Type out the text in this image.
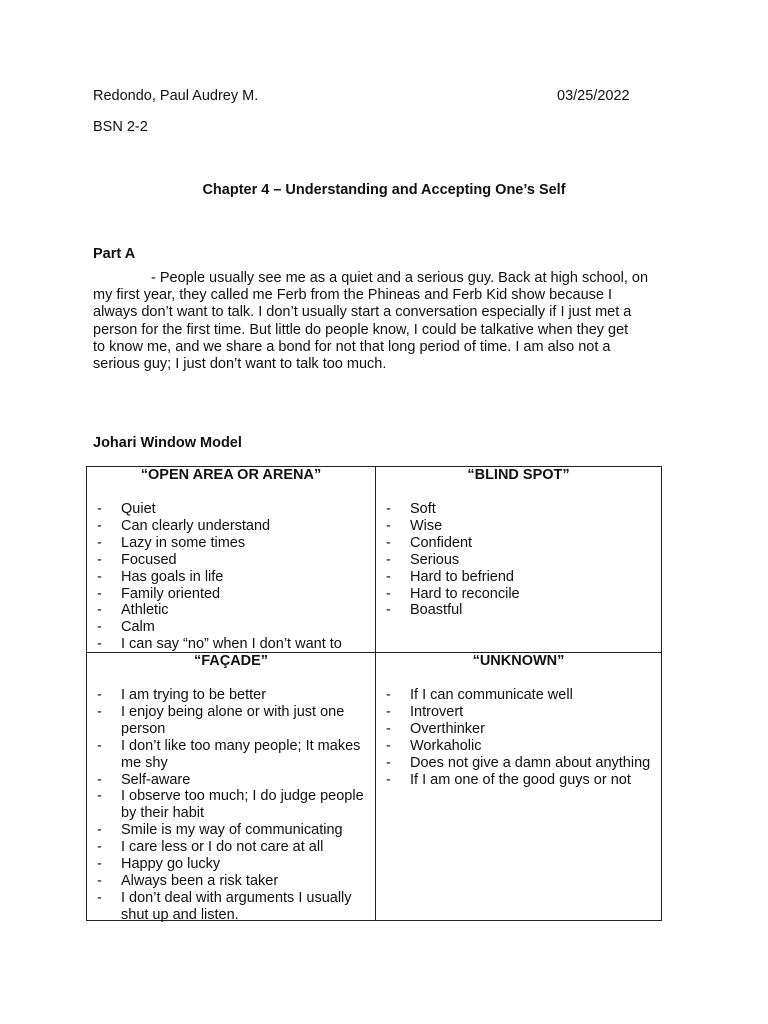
Redondo, Paul Audrey M.	03/25/2022
BSN 2-2
Chapter 4 – Understanding and Accepting One’s Self
Part A

- People usually see me as a quiet and a serious guy. Back at high school, on
my first year, they called me Ferb from the Phineas and Ferb Kid show because I
always don’t want to talk. I don’t usually start a conversation especially if I just met a
person for the first time. But little do people know, I could be talkative when they get
to know me, and we share a bond for not that long period of time. I am also not a
serious guy; I just don’t want to talk too much.

Johari Window Model
“OPEN AREA OR ARENA”
- Quiet
- Can clearly understand
- Lazy in some times
- Focused
- Has goals in life
- Family oriented
- Athletic
- Calm
- I can say “no” when I don’t want to
“BLIND SPOT”
- Soft
- Wise
- Confident
- Serious
- Hard to befriend
- Hard to reconcile
- Boastful
“FAÇADE”
- I am trying to be better
- I enjoy being alone or with just one person
- I don’t like too many people; It makes me shy
- Self-aware
- I observe too much; I do judge people by their habit
- Smile is my way of communicating
- I care less or I do not care at all
- Happy go lucky
- Always been a risk taker
- I don’t deal with arguments I usually shut up and listen.
“UNKNOWN”
- If I can communicate well
- Introvert
- Overthinker
- Workaholic
- Does not give a damn about anything
- If I am one of the good guys or not
